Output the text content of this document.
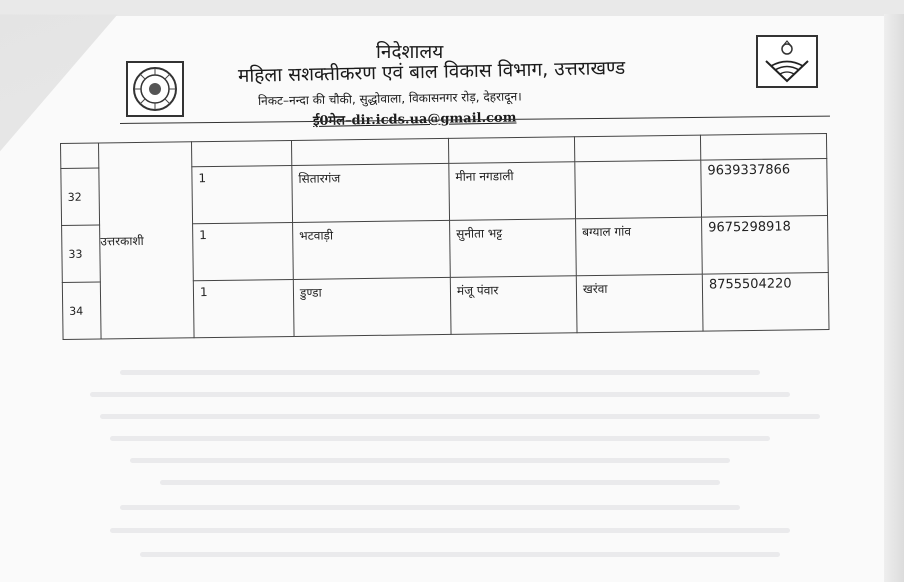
निदेशालय
महिला सशक्तीकरण एवं बाल विकास विभाग, उत्तराखण्ड
निकट–नन्दा की चौकी, सुद्धोवाला, विकासनगर रोड़, देहरादून।
ई0मेल–dir.icds.ua@gmail.com
	उत्तरकाशी					
32		1	सितारगंज	मीना नगडाली		9639337866
33		1	भटवाड़ी	सुनीता भट्ट	बग्याल गांव	9675298918
34		1	डुण्डा	मंजू पंवार	खरंवा	8755504220
